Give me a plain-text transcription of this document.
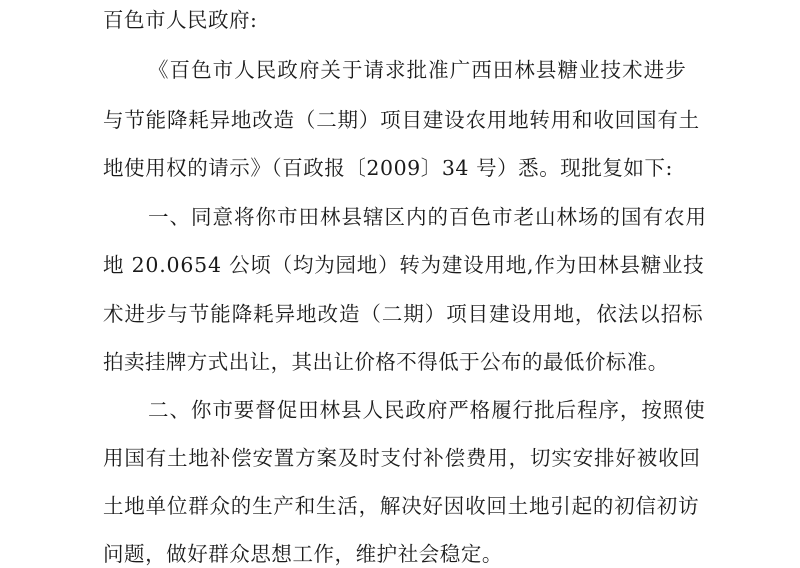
百色市人民政府:
《百色市人民政府关于请求批准广西田林县糖业技术进步
与节能降耗异地改造（二期）项目建设农用地转用和收回国有土
地使用权的请示》（百政报〔2009〕34 号）悉。现批复如下:
一、同意将你市田林县辖区内的百色市老山林场的国有农用
地 20.0654 公顷（均为园地）转为建设用地,作为田林县糖业技
术进步与节能降耗异地改造（二期）项目建设用地，依法以招标
拍卖挂牌方式出让，其出让价格不得低于公布的最低价标准。
二、你市要督促田林县人民政府严格履行批后程序，按照使
用国有土地补偿安置方案及时支付补偿费用，切实安排好被收回
土地单位群众的生产和生活，解决好因收回土地引起的初信初访
问题，做好群众思想工作，维护社会稳定。
